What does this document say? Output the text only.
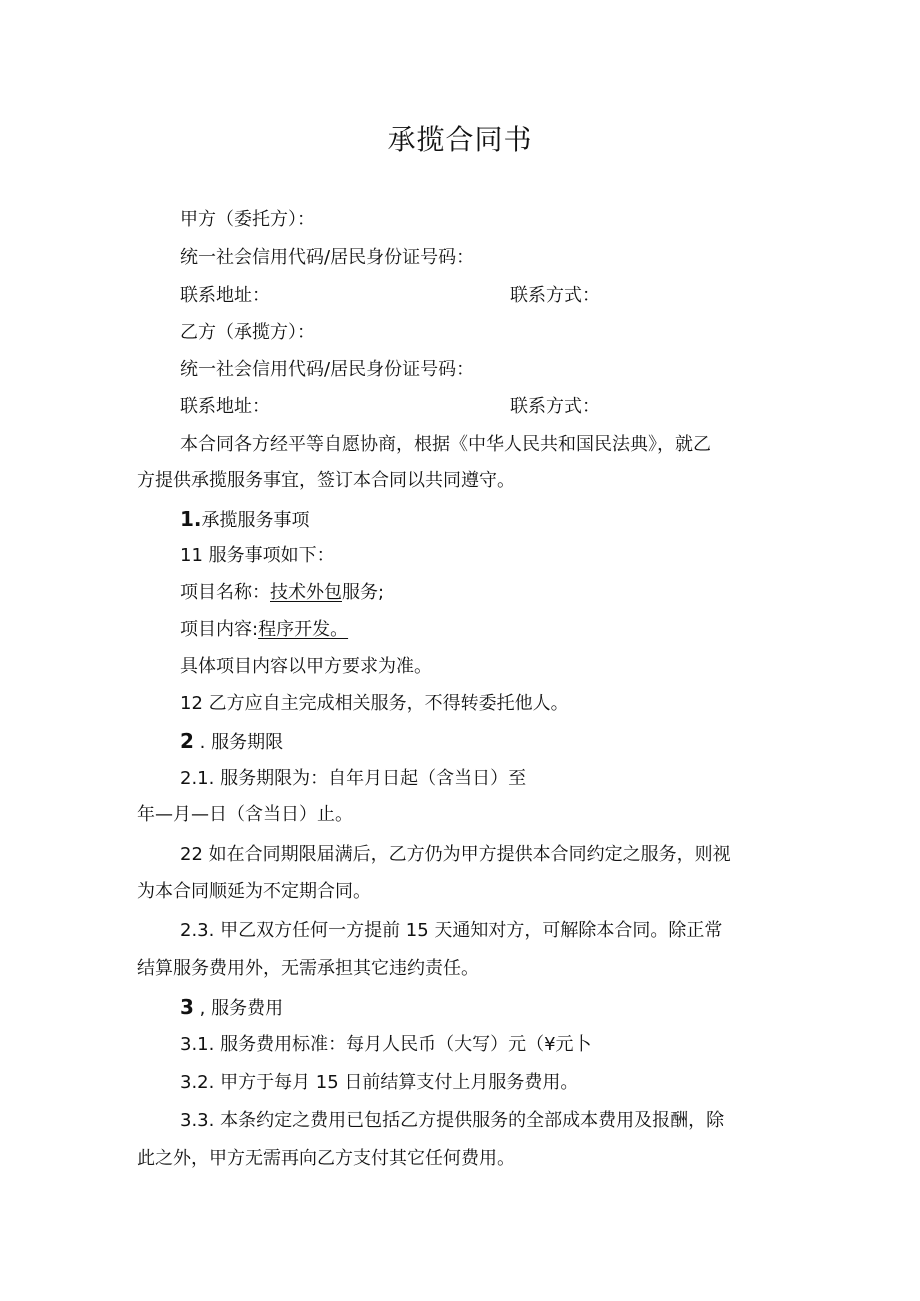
承揽合同书
甲方（委托方）：
统一社会信用代码/居民身份证号码：
联系地址：	联系方式：
乙方（承揽方）：
统一社会信用代码/居民身份证号码：
联系地址：	联系方式：
本合同各方经平等自愿协商，根据《中华人民共和国民法典》，就乙
方提供承揽服务事宜，签订本合同以共同遵守。
1.承揽服务事项
11 服务事项如下：
项目名称：技术外包服务;
项目内容:程序开发。
具体项目内容以甲方要求为准。
12 乙方应自主完成相关服务，不得转委托他人。
2 . 服务期限
2.1. 服务期限为：自年月日起（含当日）至
年—月—日（含当日）止。
22 如在合同期限届满后，乙方仍为甲方提供本合同约定之服务，则视
为本合同顺延为不定期合同。
2.3. 甲乙双方任何一方提前 15 天通知对方，可解除本合同。除正常
结算服务费用外，无需承担其它违约责任。
3 , 服务费用
3.1. 服务费用标准：每月人民币（大写）元（¥元卜
3.2. 甲方于每月 15 日前结算支付上月服务费用。
3.3. 本条约定之费用已包括乙方提供服务的全部成本费用及报酬，除
此之外，甲方无需再向乙方支付其它任何费用。
